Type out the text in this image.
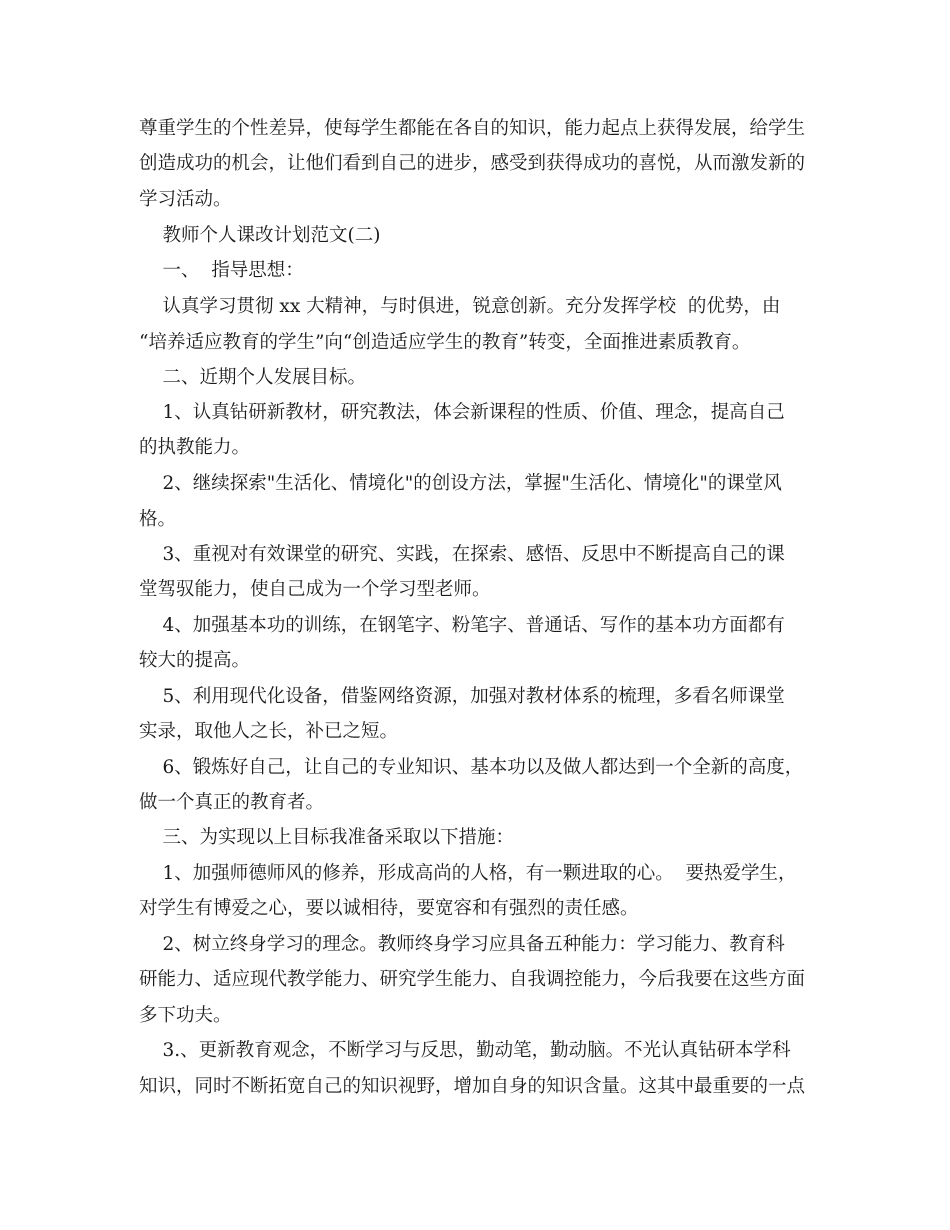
尊重学生的个性差异，使每学生都能在各自的知识，能力起点上获得发展，给学生

创造成功的机会，让他们看到自己的进步，感受到获得成功的喜悦，从而激发新的

学习活动。

教师个人课改计划范文(二)

一、  指导思想：

认真学习贯彻 xx 大精神，与时俱进，锐意创新。充分发挥学校  的优势，由

“培养适应教育的学生”向“创造适应学生的教育”转变，全面推进素质教育。

二、近期个人发展目标。

1、认真钻研新教材，研究教法，体会新课程的性质、价值、理念，提高自己

的执教能力。

2、继续探索"生活化、情境化"的创设方法，掌握"生活化、情境化"的课堂风

格。

3、重视对有效课堂的研究、实践，在探索、感悟、反思中不断提高自己的课

堂驾驭能力，使自己成为一个学习型老师。

4、加强基本功的训练，在钢笔字、粉笔字、普通话、写作的基本功方面都有

较大的提高。

5、利用现代化设备，借鉴网络资源，加强对教材体系的梳理，多看名师课堂

实录，取他人之长，补已之短。

6、锻炼好自己，让自己的专业知识、基本功以及做人都达到一个全新的高度，

做一个真正的教育者。

三、为实现以上目标我准备采取以下措施：

1、加强师德师风的修养，形成高尚的人格，有一颗进取的心。  要热爱学生，

对学生有博爱之心，要以诚相待，要宽容和有强烈的责任感。

2、树立终身学习的理念。教师终身学习应具备五种能力：学习能力、教育科

研能力、适应现代教学能力、研究学生能力、自我调控能力，今后我要在这些方面

多下功夫。

3.、更新教育观念，不断学习与反思，勤动笔，勤动脑。不光认真钻研本学科

知识，同时不断拓宽自己的知识视野，增加自身的知识含量。这其中最重要的一点
